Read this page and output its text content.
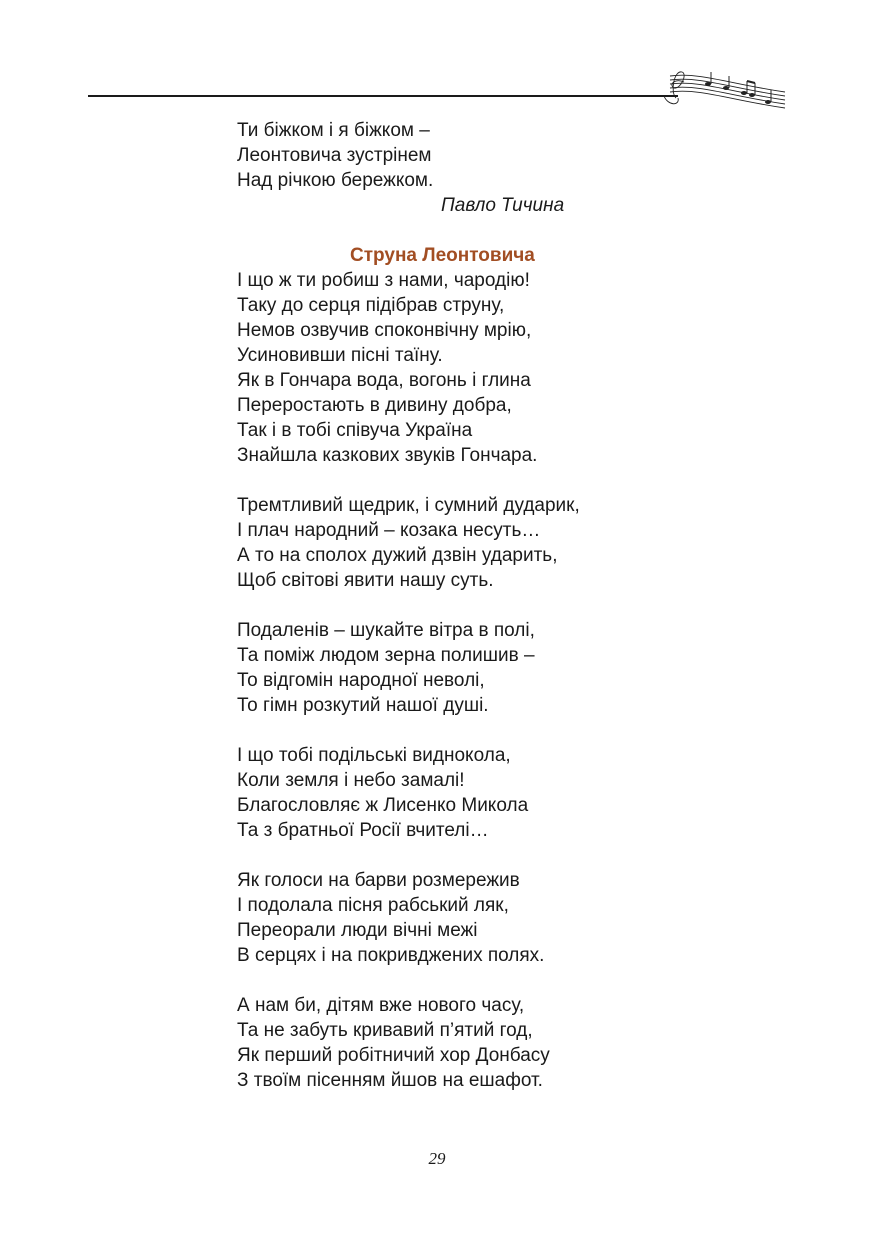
Ти біжком і я біжком –
Леонтовича зустрінем
Над річкою бережком.
Павло Тичина
Струна Леонтовича
І що ж ти робиш з нами, чародію!
Таку до серця підібрав струну,
Немов озвучив споконвічну мрію,
Усиновивши пісні таїну.
Як в Гончара вода, вогонь і глина
Переростають в дивину добра,
Так і в тобі співуча Україна
Знайшла казкових звуків Гончара.
Тремтливий щедрик, і сумний дударик,
І плач народний – козака несуть…
А то на сполох дужий дзвін ударить,
Щоб світові явити нашу суть.
Подаленів – шукайте вітра в полі,
Та поміж людом зерна полишив –
То відгомін народної неволі,
То гімн розкутий нашої душі.
І що тобі подільські виднокола,
Коли земля і небо замалі!
Благословляє ж Лисенко Микола
Та з братньої Росії вчителі…
Як голоси на барви розмережив
І подолала пісня рабський ляк,
Переорали люди вічні межі
В серцях і на покривджених полях.
А нам би, дітям вже нового часу,
Та не забуть кривавий п’ятий год,
Як перший робітничий хор Донбасу
З твоїм пісенням йшов на ешафот.
29
